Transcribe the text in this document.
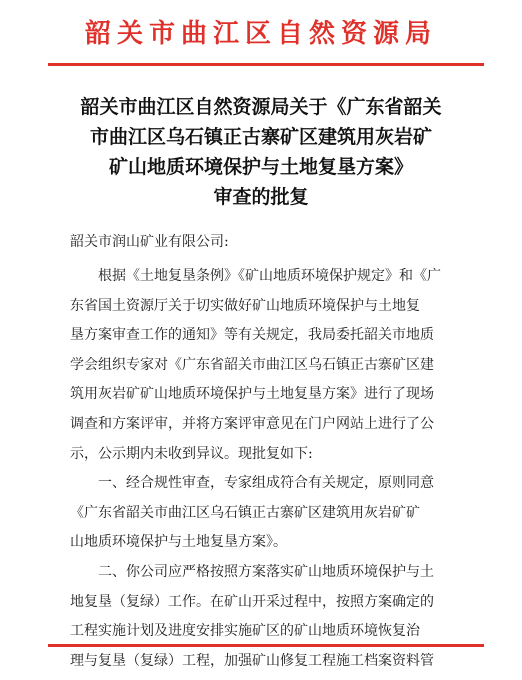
韶关市曲江区自然资源局
韶关市曲江区自然资源局关于《广东省韶关
市曲江区乌石镇正古寨矿区建筑用灰岩矿
矿山地质环境保护与土地复垦方案》
审查的批复
韶关市润山矿业有限公司:
根据《土地复垦条例》《矿山地质环境保护规定》和《广
东省国土资源厅关于切实做好矿山地质环境保护与土地复
垦方案审查工作的通知》等有关规定，我局委托韶关市地质
学会组织专家对《广东省韶关市曲江区乌石镇正古寨矿区建
筑用灰岩矿矿山地质环境保护与土地复垦方案》进行了现场
调查和方案评审，并将方案评审意见在门户网站上进行了公
示，公示期内未收到异议。现批复如下:
一、经合规性审查，专家组成符合有关规定，原则同意
《广东省韶关市曲江区乌石镇正古寨矿区建筑用灰岩矿矿
山地质环境保护与土地复垦方案》。
二、你公司应严格按照方案落实矿山地质环境保护与土
地复垦（复绿）工作。在矿山开采过程中，按照方案确定的
工程实施计划及进度安排实施矿区的矿山地质环境恢复治
理与复垦（复绿）工程，加强矿山修复工程施工档案资料管
